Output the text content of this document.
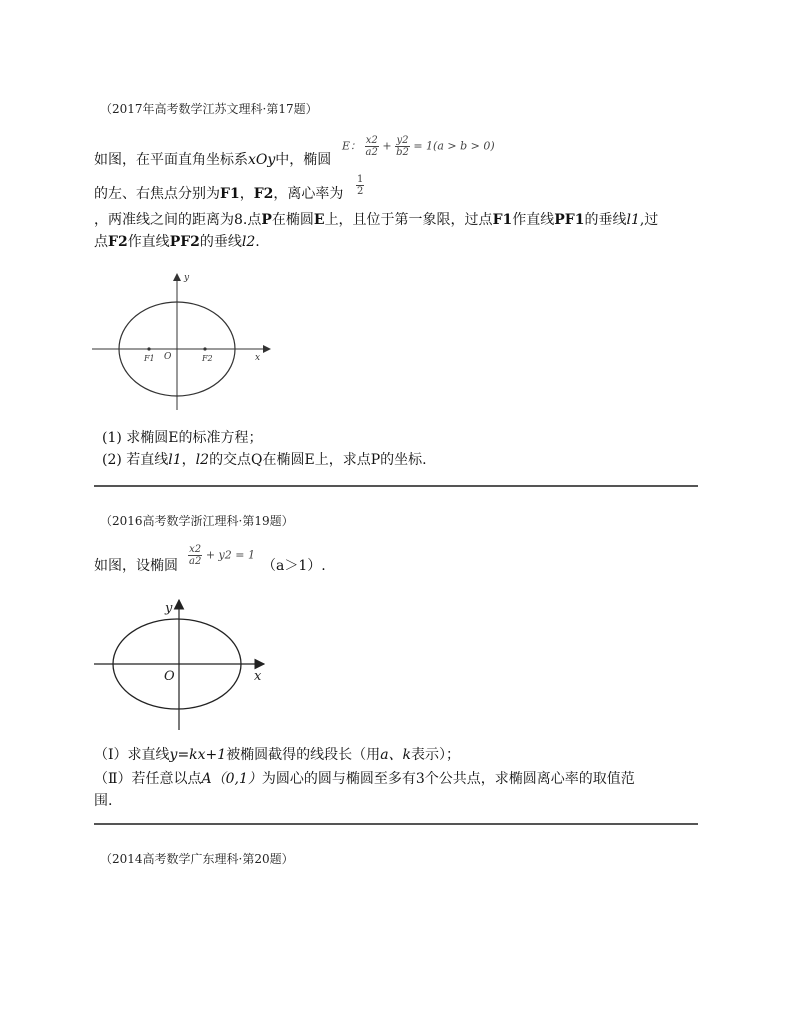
（2017年高考数学江苏文理科·第17题）
如图，在平面直角坐标系xOy中，椭圆
E： $\frac{x2}{a2} + \frac{y2}{b2} = 1(a > b > 0)$
的左、右焦点分别为F1，F2，离心率为 $\frac{1}{2}$
，两准线之间的距离为8.点P在椭圆E上，且位于第一象限，过点F1作直线PF1的垂线l1,过
点F2作直线PF2的垂线l2.
y
x
O
F1	F2
(1) 求椭圆E的标准方程；
(2) 若直线l1，l2的交点Q在椭圆E上，求点P的坐标.
（2016高考数学浙江理科·第19题）
如图，设椭圆 $\frac{x2}{a2} + y2 = 1$
（a＞1）.
y
x
O
（Ⅰ）求直线y=kx+1被椭圆截得的线段长（用a、k表示）；
（Ⅱ）若任意以点A（0,1）为圆心的圆与椭圆至多有3个公共点，求椭圆离心率的取值范
围.
（2014高考数学广东理科·第20题）
